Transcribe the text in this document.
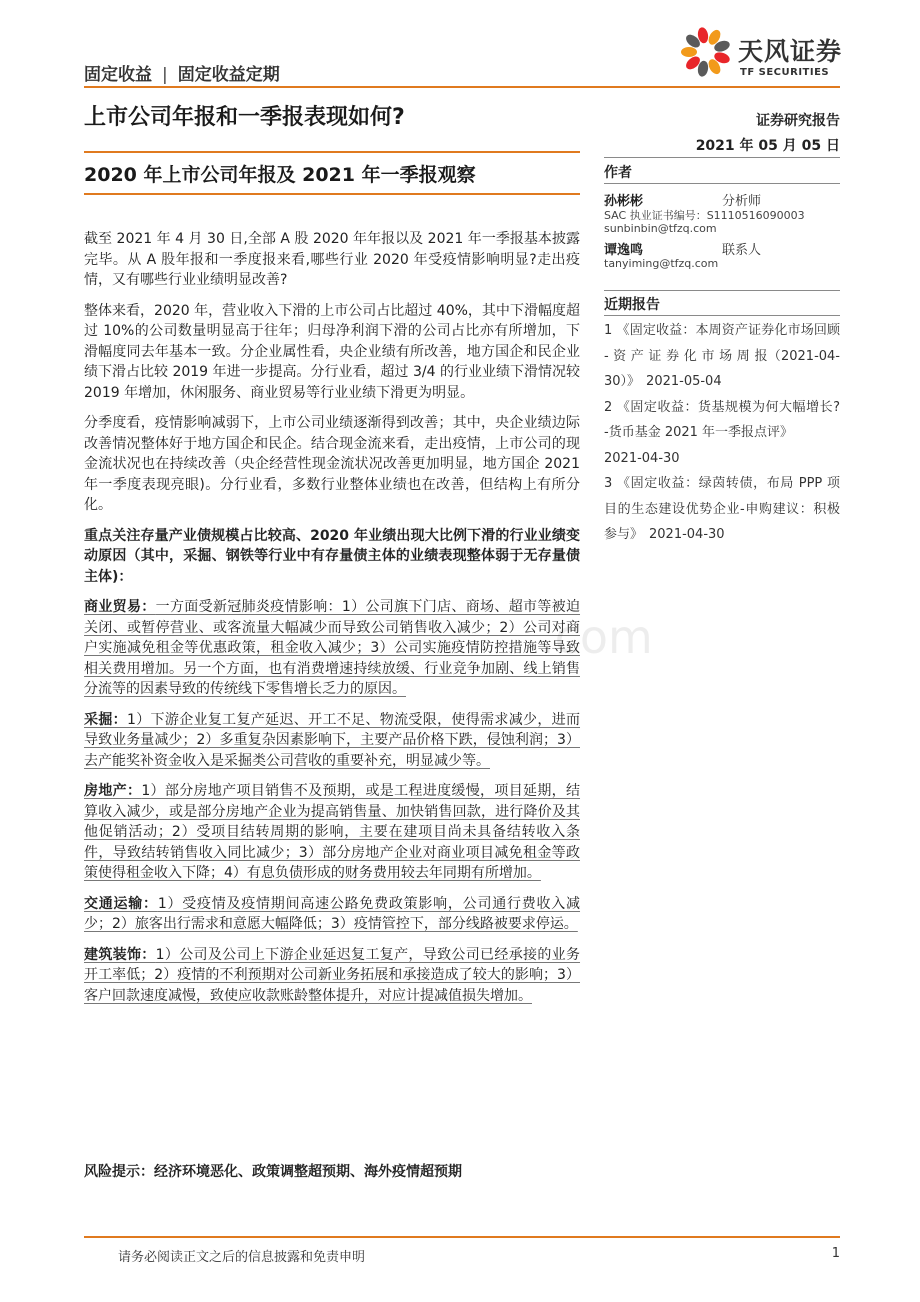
固定收益 | 固定收益定期
天风证券
TF SECURITIES
上市公司年报和一季报表现如何?	证券研究报告
2021 年 05 月 05 日
2020 年上市公司年报及 2021 年一季报观察	作者
孙彬彬	分析师
SAC 执业证书编号：S1110516090003
sunbinbin@tfzq.com
谭逸鸣	联系人
tanyiming@tfzq.com
近期报告

1 《固定收益：本周资产证券化市场回顾 - 资 产 证 券 化 市 场 周 报（2021-04-30）》 2021-05-04

2 《固定收益：货基规模为何大幅增长? -货币基金 2021 年一季报点评》
2021-04-30

3 《固定收益：绿茵转债，布局 PPP 项目的生态建设优势企业-申购建议：积极参与》 2021-04-30

截至 2021 年 4 月 30 日,全部 A 股 2020 年年报以及 2021 年一季报基本披露完毕。从 A 股年报和一季度报来看,哪些行业 2020 年受疫情影响明显?走出疫情，又有哪些行业业绩明显改善?

整体来看，2020 年，营业收入下滑的上市公司占比超过 40%，其中下滑幅度超过 10%的公司数量明显高于往年；归母净利润下滑的公司占比亦有所增加，下滑幅度同去年基本一致。分企业属性看，央企业绩有所改善，地方国企和民企业绩下滑占比较 2019 年进一步提高。分行业看，超过 3/4 的行业业绩下滑情况较 2019 年增加，休闲服务、商业贸易等行业业绩下滑更为明显。

分季度看，疫情影响减弱下，上市公司业绩逐渐得到改善；其中，央企业绩边际改善情况整体好于地方国企和民企。结合现金流来看，走出疫情，上市公司的现金流状况也在持续改善（央企经营性现金流状况改善更加明显，地方国企 2021 年一季度表现亮眼)。分行业看，多数行业整体业绩也在改善，但结构上有所分化。

重点关注存量产业债规模占比较高、2020 年业绩出现大比例下滑的行业业绩变动原因（其中，采掘、钢铁等行业中有存量债主体的业绩表现整体弱于无存量债主体)：

商业贸易：一方面受新冠肺炎疫情影响：1）公司旗下门店、商场、超市等被迫关闭、或暂停营业、或客流量大幅减少而导致公司销售收入减少；2）公司对商户实施减免租金等优惠政策，租金收入减少；3）公司实施疫情防控措施等导致相关费用增加。另一个方面，也有消费增速持续放缓、行业竞争加剧、线上销售分流等的因素导致的传统线下零售增长乏力的原因。

采掘：1）下游企业复工复产延迟、开工不足、物流受限，使得需求减少，进而导致业务量减少；2）多重复杂因素影响下，主要产品价格下跌，侵蚀利润；3）去产能奖补资金收入是采掘类公司营收的重要补充，明显减少等。

房地产：1）部分房地产项目销售不及预期，或是工程进度缓慢，项目延期，结算收入减少，或是部分房地产企业为提高销售量、加快销售回款，进行降价及其他促销活动；2）受项目结转周期的影响，主要在建项目尚未具备结转收入条件，导致结转销售收入同比减少；3）部分房地产企业对商业项目减免租金等政策使得租金收入下降；4）有息负债形成的财务费用较去年同期有所增加。

交通运输：1）受疫情及疫情期间高速公路免费政策影响，公司通行费收入减少；2）旅客出行需求和意愿大幅降低；3）疫情管控下，部分线路被要求停运。

建筑装饰：1）公司及公司上下游企业延迟复工复产，导致公司已经承接的业务开工率低；2）疫情的不利预期对公司新业务拓展和承接造成了较大的影响；3）客户回款速度减慢，致使应收款账龄整体提升，对应计提减值损失增加。

风险提示：经济环境恶化、政策调整超预期、海外疫情超预期
.com
请务必阅读正文之后的信息披露和免责申明	1
